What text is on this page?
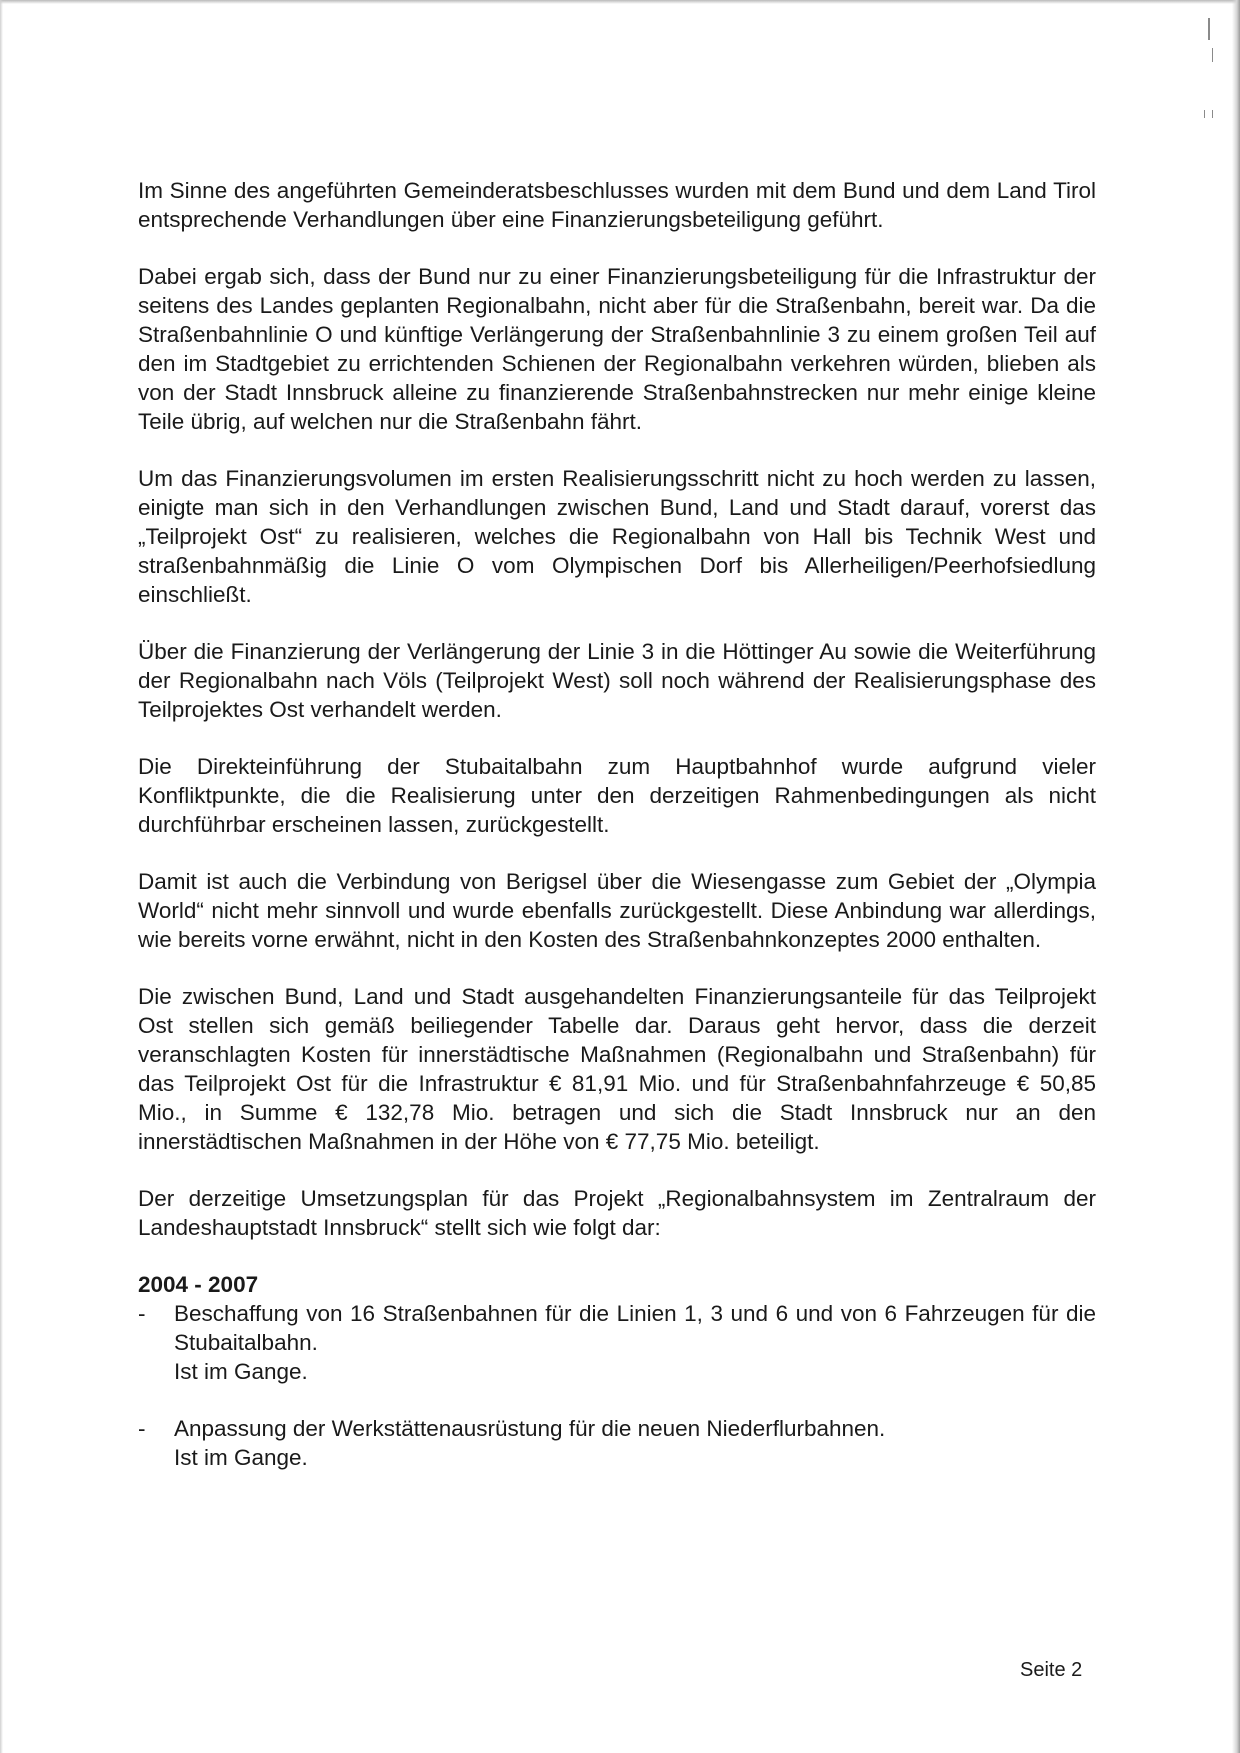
Im Sinne des angeführten Gemeinderatsbeschlusses wurden mit dem Bund und dem Land Tirol entsprechende Verhandlungen über eine Finanzierungsbeteiligung geführt.

Dabei ergab sich, dass der Bund nur zu einer Finanzierungsbeteiligung für die Infrastruktur der seitens des Landes geplanten Regionalbahn, nicht aber für die Straßenbahn, bereit war. Da die Straßenbahnlinie O und künftige Verlängerung der Straßenbahnlinie 3 zu einem großen Teil auf den im Stadtgebiet zu errichtenden Schienen der Regionalbahn verkehren würden, blieben als von der Stadt Innsbruck alleine zu finanzierende Straßenbahnstrecken nur mehr einige kleine Teile übrig, auf welchen nur die Straßenbahn fährt.

Um das Finanzierungsvolumen im ersten Realisierungsschritt nicht zu hoch werden zu lassen, einigte man sich in den Verhandlungen zwischen Bund, Land und Stadt darauf, vorerst das „Teilprojekt Ost“ zu realisieren, welches die Regionalbahn von Hall bis Technik West und straßenbahnmäßig die Linie O vom Olympischen Dorf bis Allerheiligen/Peerhofsiedlung einschließt.

Über die Finanzierung der Verlängerung der Linie 3 in die Höttinger Au sowie die Weiterführung der Regionalbahn nach Völs (Teilprojekt West) soll noch während der Realisierungsphase des Teilprojektes Ost verhandelt werden.

Die Direkteinführung der Stubaitalbahn zum Hauptbahnhof wurde aufgrund vieler Konfliktpunkte, die die Realisierung unter den derzeitigen Rahmenbedingungen als nicht durchführbar erscheinen lassen, zurückgestellt.

Damit ist auch die Verbindung von Berigsel über die Wiesengasse zum Gebiet der „Olympia World“ nicht mehr sinnvoll und wurde ebenfalls zurückgestellt. Diese Anbindung war allerdings, wie bereits vorne erwähnt, nicht in den Kosten des Straßenbahnkonzeptes 2000 enthalten.

Die zwischen Bund, Land und Stadt ausgehandelten Finanzierungsanteile für das Teilprojekt Ost stellen sich gemäß beiliegender Tabelle dar. Daraus geht hervor, dass die derzeit veranschlagten Kosten für innerstädtische Maßnahmen (Regionalbahn und Straßenbahn) für das Teilprojekt Ost für die Infrastruktur € 81,91 Mio. und für Straßenbahnfahrzeuge € 50,85 Mio., in Summe € 132,78 Mio. betragen und sich die Stadt Innsbruck nur an den innerstädtischen Maßnahmen in der Höhe von € 77,75 Mio. beteiligt.

Der derzeitige Umsetzungsplan für das Projekt „Regionalbahnsystem im Zentralraum der Landeshauptstadt Innsbruck“ stellt sich wie folgt dar:

2004 - 2007

- Beschaffung von 16 Straßenbahnen für die Linien 1, 3 und 6 und von 6 Fahrzeugen für die Stubaitalbahn.
Ist im Gange.
- Anpassung der Werkstättenausrüstung für die neuen Niederflurbahnen.
Ist im Gange.
Seite 2
